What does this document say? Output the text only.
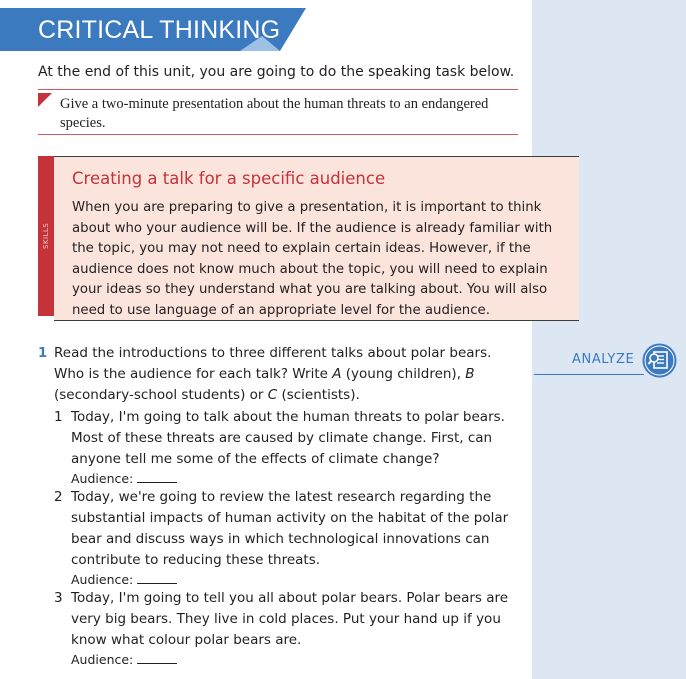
CRITICAL THINKING
At the end of this unit, you are going to do the speaking task below.
Give a two-minute presentation about the human threats to an endangered species.
SKILLS
Creating a talk for a specific audience
When you are preparing to give a presentation, it is important to think about who your audience will be. If the audience is already familiar with the topic, you may not need to explain certain ideas. However, if the audience does not know much about the topic, you will need to explain your ideas so they understand what you are talking about. You will also need to use language of an appropriate level for the audience.
ANALYZE
1 Read the introductions to three different talks about polar bears. Who is the audience for each talk? Write A (young children), B (secondary-school students) or C (scientists).
1 Today, I'm going to talk about the human threats to polar bears. Most of these threats are caused by climate change. First, can anyone tell me some of the effects of climate change?
Audience:
2 Today, we're going to review the latest research regarding the substantial impacts of human activity on the habitat of the polar bear and discuss ways in which technological innovations can contribute to reducing these threats.
Audience:
3 Today, I'm going to tell you all about polar bears. Polar bears are very big bears. They live in cold places. Put your hand up if you know what colour polar bears are.
Audience:
